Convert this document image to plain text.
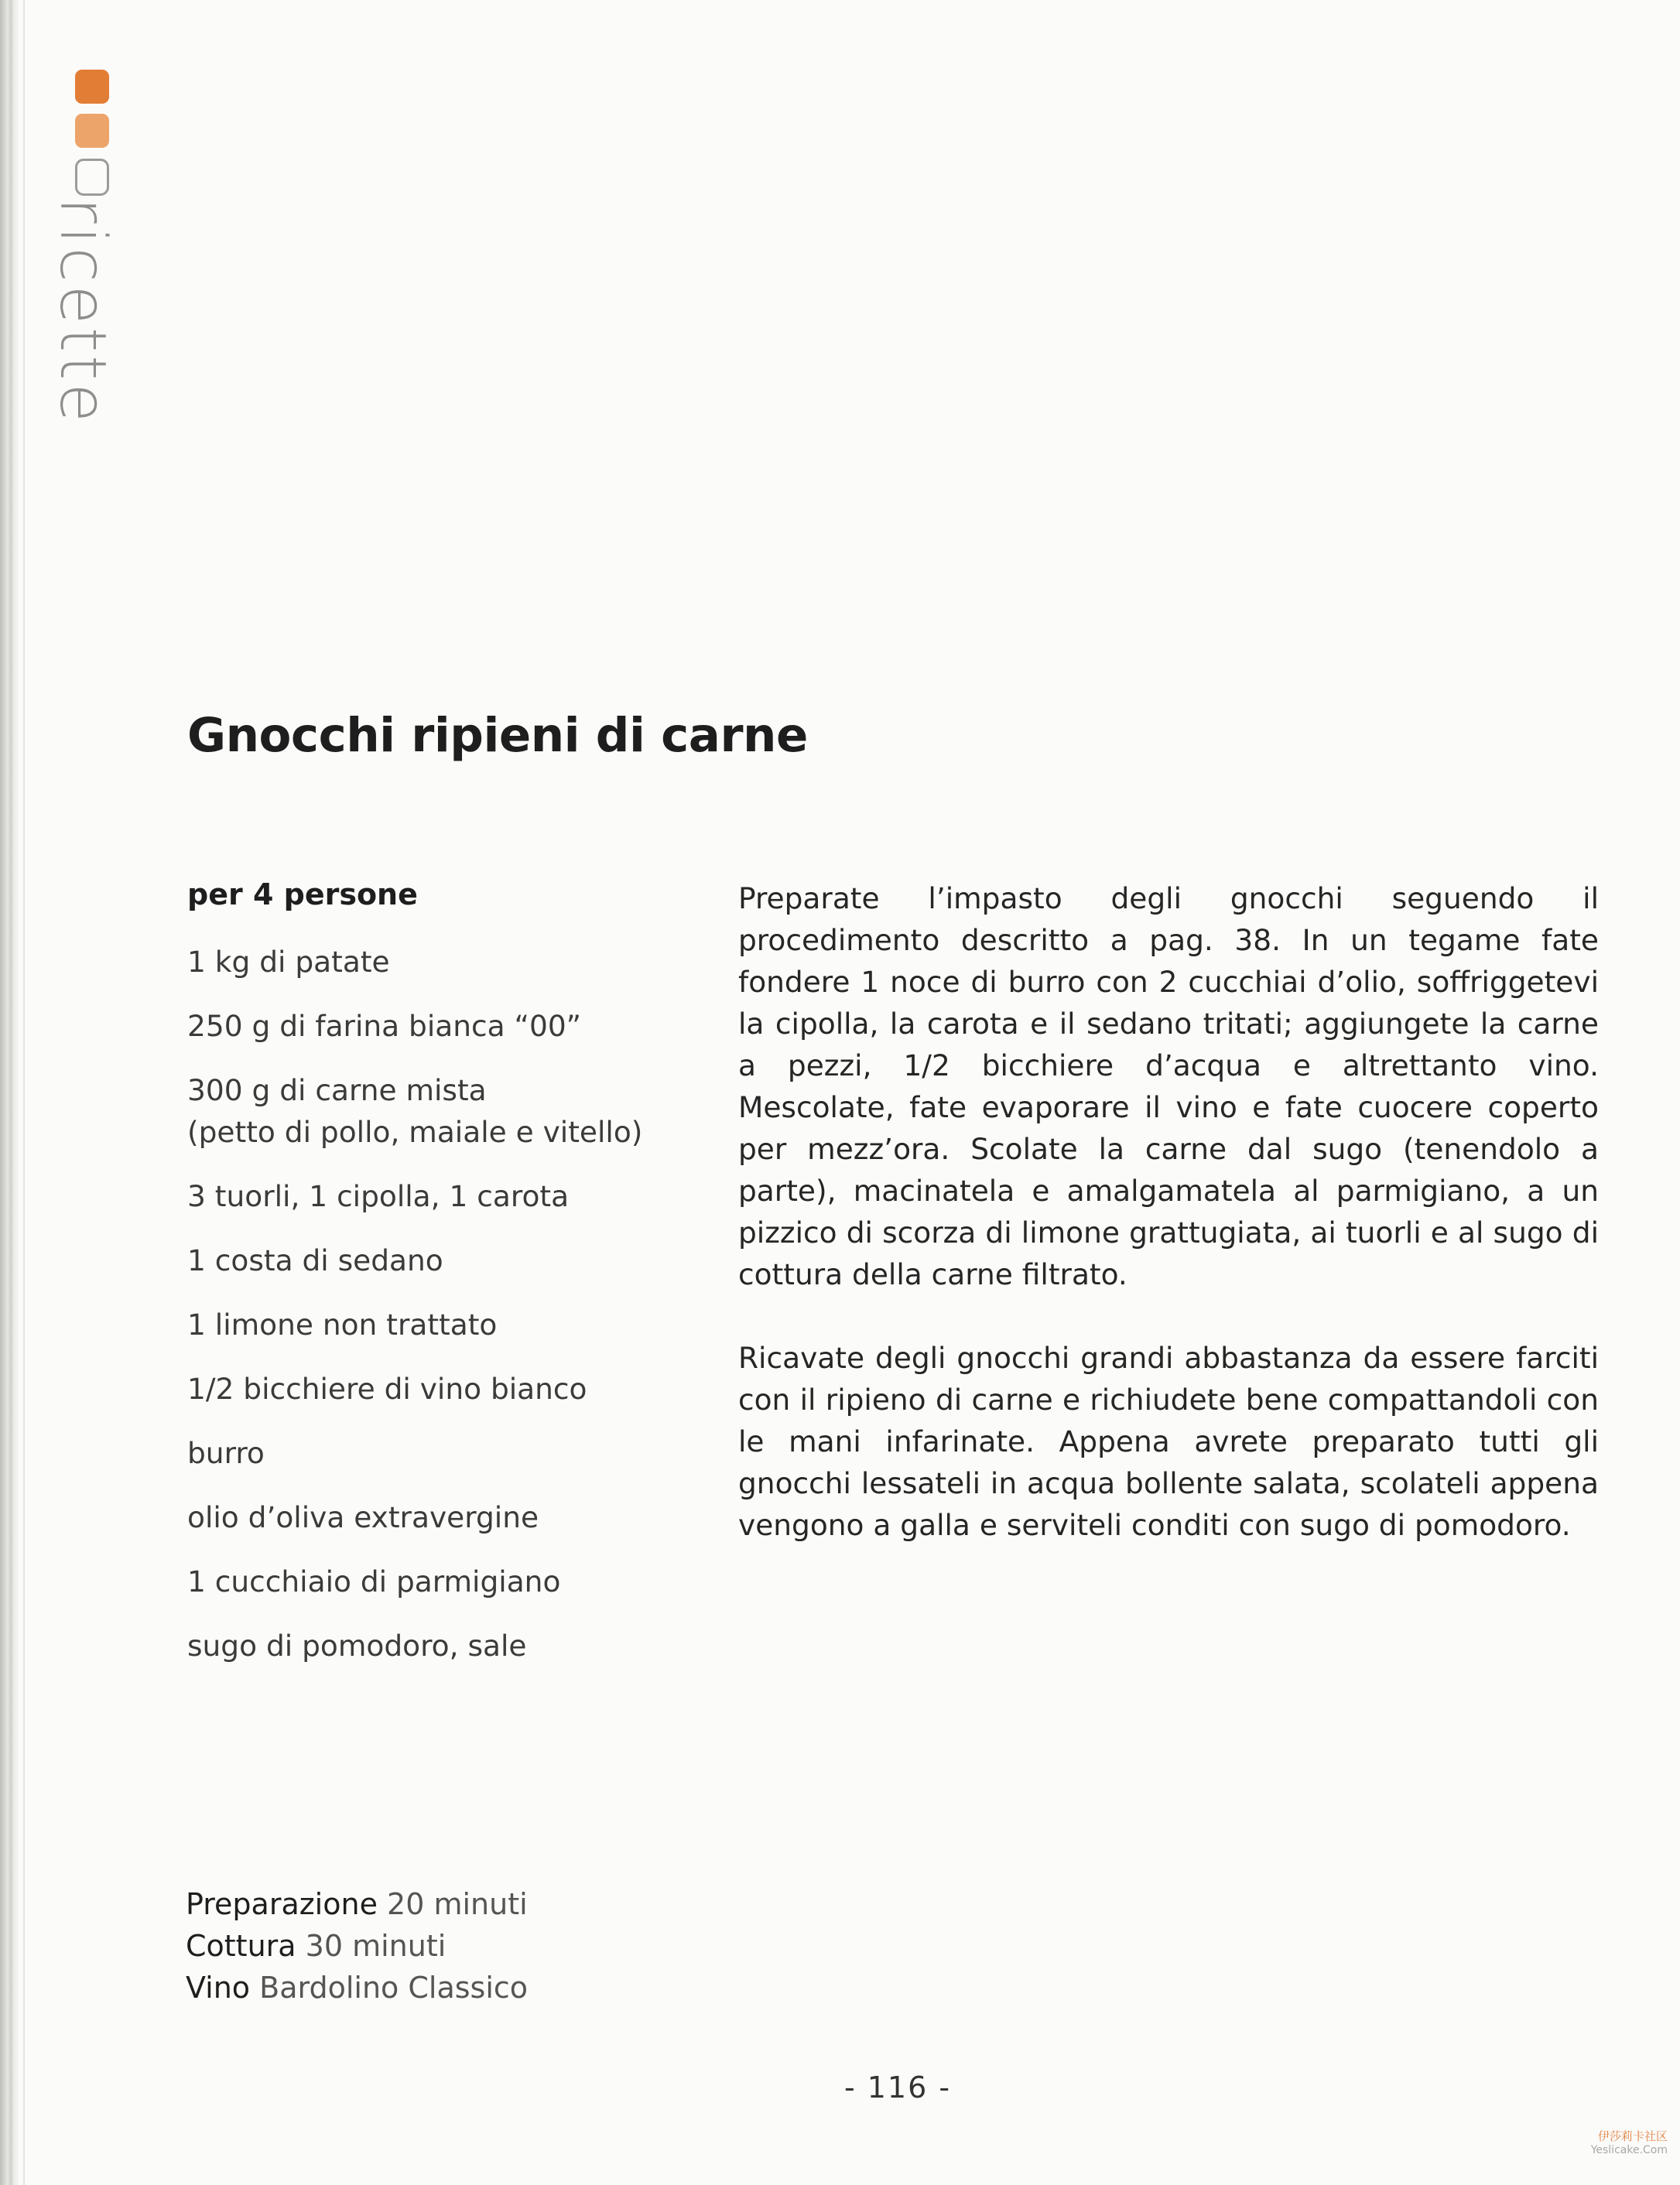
ricette
Gnocchi ripieni di carne
per 4 persone
1 kg di patate
250 g di farina bianca “00”
300 g di carne mista
(petto di pollo, maiale e vitello)
3 tuorli, 1 cipolla, 1 carota
1 costa di sedano
1 limone non trattato
1/2 bicchiere di vino bianco
burro
olio d’oliva extravergine
1 cucchiaio di parmigiano
sugo di pomodoro, sale

Preparate l’impasto degli gnocchi seguendo il procedimento descritto a pag. 38. In un tegame fate fondere 1 noce di burro con 2 cucchiai d’olio, soffriggetevi la cipolla, la carota e il sedano tritati; aggiungete la carne a pezzi, 1/2 bicchiere d’acqua e altrettanto vino. Mescolate, fate evaporare il vino e fate cuocere coperto per mezz’ora. Scolate la carne dal sugo (tenendolo a parte), macinatela e amalgamatela al parmigiano, a un pizzico di scorza di limone grattugiata, ai tuorli e al sugo di cottura della carne filtrato.

Ricavate degli gnocchi grandi abbastanza da essere farciti con il ripieno di carne e richiudete bene compattandoli con le mani infarinate. Appena avrete preparato tutti gli gnocchi lessateli in acqua bollente salata, scolateli appena vengono a galla e serviteli conditi con sugo di pomodoro.

Preparazione 20 minuti
Cottura 30 minuti
Vino Bardolino Classico
- 116 -
伊莎莉卡社区
Yeslicake.Com
